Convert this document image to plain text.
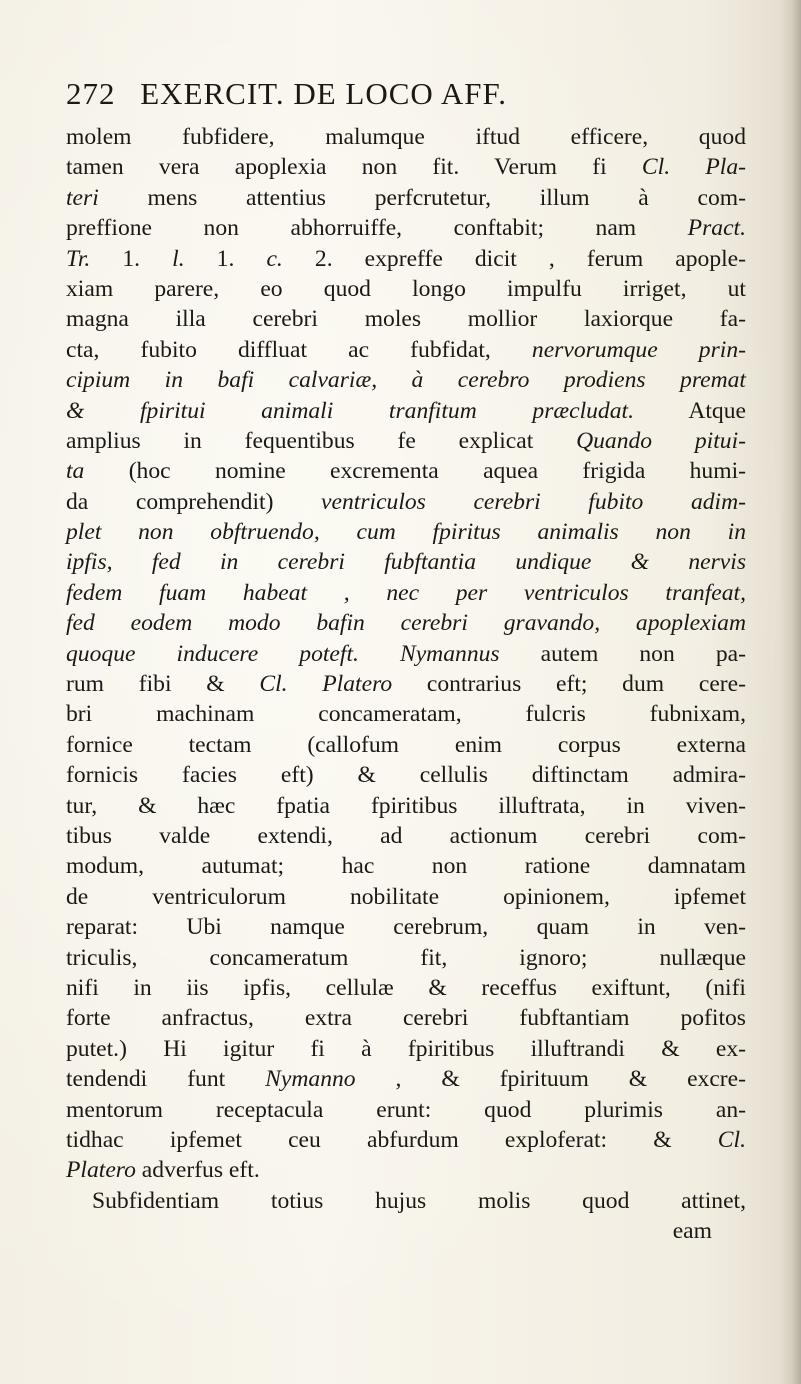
272 EXERCIT. DE LOCO AFF.
molem fubfidere, malumque iftud efficere, quod
tamen vera apoplexia non fit. Verum fi Cl. Pla-
teri mens attentius perfcrutetur, illum à com-
preffione non abhorruiffe, conftabit; nam Pract.
Tr. 1. l. 1. c. 2. expreffe dicit , ferum apople-
xiam parere, eo quod longo impulfu irriget, ut
magna illa cerebri moles mollior laxiorque fa-
cta, fubito diffluat ac fubfidat, nervorumque prin-
cipium in bafi calvariæ, à cerebro prodiens premat
& fpiritui animali tranfitum præcludat. Atque
amplius in fequentibus fe explicat Quando pitui-
ta (hoc nomine excrementa aquea frigida humi-
da comprehendit) ventriculos cerebri fubito adim-
plet non obftruendo, cum fpiritus animalis non in
ipfis, fed in cerebri fubftantia undique & nervis
fedem fuam habeat , nec per ventriculos tranfeat,
fed eodem modo bafin cerebri gravando, apoplexiam
quoque inducere poteft. Nymannus autem non pa-
rum fibi & Cl. Platero contrarius eft; dum cere-
bri machinam concameratam, fulcris fubnixam,
fornice tectam (callofum enim corpus externa
fornicis facies eft) & cellulis diftinctam admira-
tur, & hæc fpatia fpiritibus illuftrata, in viven-
tibus valde extendi, ad actionum cerebri com-
modum, autumat; hac non ratione damnatam
de ventriculorum nobilitate opinionem, ipfemet
reparat: Ubi namque cerebrum, quam in ven-
triculis, concameratum fit, ignoro; nullæque
nifi in iis ipfis, cellulæ & receffus exiftunt, (nifi
forte anfractus, extra cerebri fubftantiam pofitos
putet.) Hi igitur fi à fpiritibus illuftrandi & ex-
tendendi funt Nymanno , & fpirituum & excre-
mentorum receptacula erunt: quod plurimis an-
tidhac ipfemet ceu abfurdum exploferat: & Cl.
Platero adverfus eft.
Subfidentiam totius hujus molis quod attinet,
eam
